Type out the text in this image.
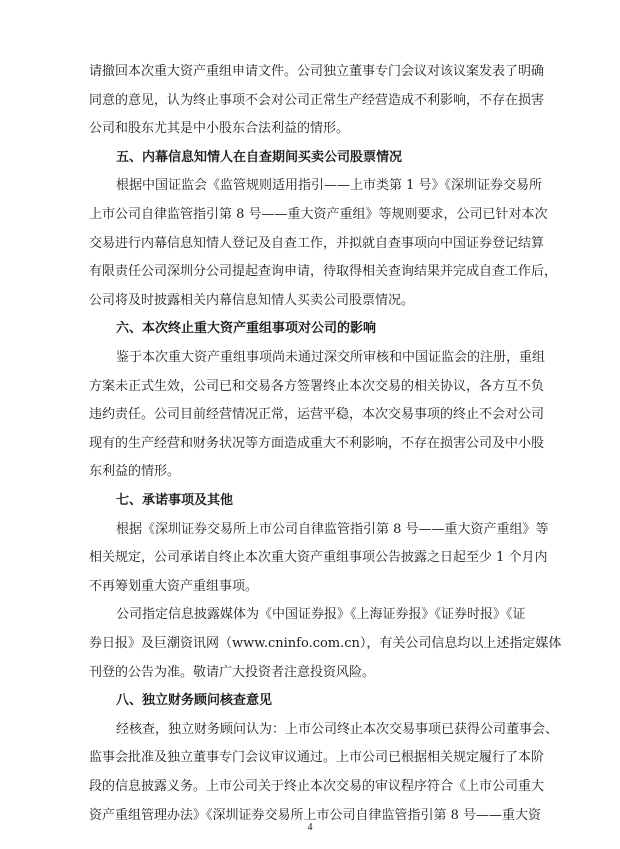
请撤回本次重大资产重组申请文件。公司独立董事专门会议对该议案发表了明确
同意的意见，认为终止事项不会对公司正常生产经营造成不利影响，不存在损害
公司和股东尤其是中小股东合法利益的情形。
五、内幕信息知情人在自查期间买卖公司股票情况
根据中国证监会《监管规则适用指引——上市类第 1 号》《深圳证券交易所
上市公司自律监管指引第 8 号——重大资产重组》等规则要求，公司已针对本次
交易进行内幕信息知情人登记及自查工作，并拟就自查事项向中国证券登记结算
有限责任公司深圳分公司提起查询申请，待取得相关查询结果并完成自查工作后，
公司将及时披露相关内幕信息知情人买卖公司股票情况。
六、本次终止重大资产重组事项对公司的影响
鉴于本次重大资产重组事项尚未通过深交所审核和中国证监会的注册，重组
方案未正式生效，公司已和交易各方签署终止本次交易的相关协议，各方互不负
违约责任。公司目前经营情况正常，运营平稳，本次交易事项的终止不会对公司
现有的生产经营和财务状况等方面造成重大不利影响，不存在损害公司及中小股
东利益的情形。
七、承诺事项及其他
根据《深圳证券交易所上市公司自律监管指引第 8 号——重大资产重组》等
相关规定，公司承诺自终止本次重大资产重组事项公告披露之日起至少 1 个月内
不再筹划重大资产重组事项。
公司指定信息披露媒体为《中国证券报》《上海证券报》《证券时报》《证
券日报》及巨潮资讯网（www.cninfo.com.cn），有关公司信息均以上述指定媒体
刊登的公告为准。敬请广大投资者注意投资风险。
八、独立财务顾问核查意见
经核查，独立财务顾问认为：上市公司终止本次交易事项已获得公司董事会、
监事会批准及独立董事专门会议审议通过。上市公司已根据相关规定履行了本阶
段的信息披露义务。上市公司关于终止本次交易的审议程序符合《上市公司重大
资产重组管理办法》《深圳证券交易所上市公司自律监管指引第 8 号——重大资
4
